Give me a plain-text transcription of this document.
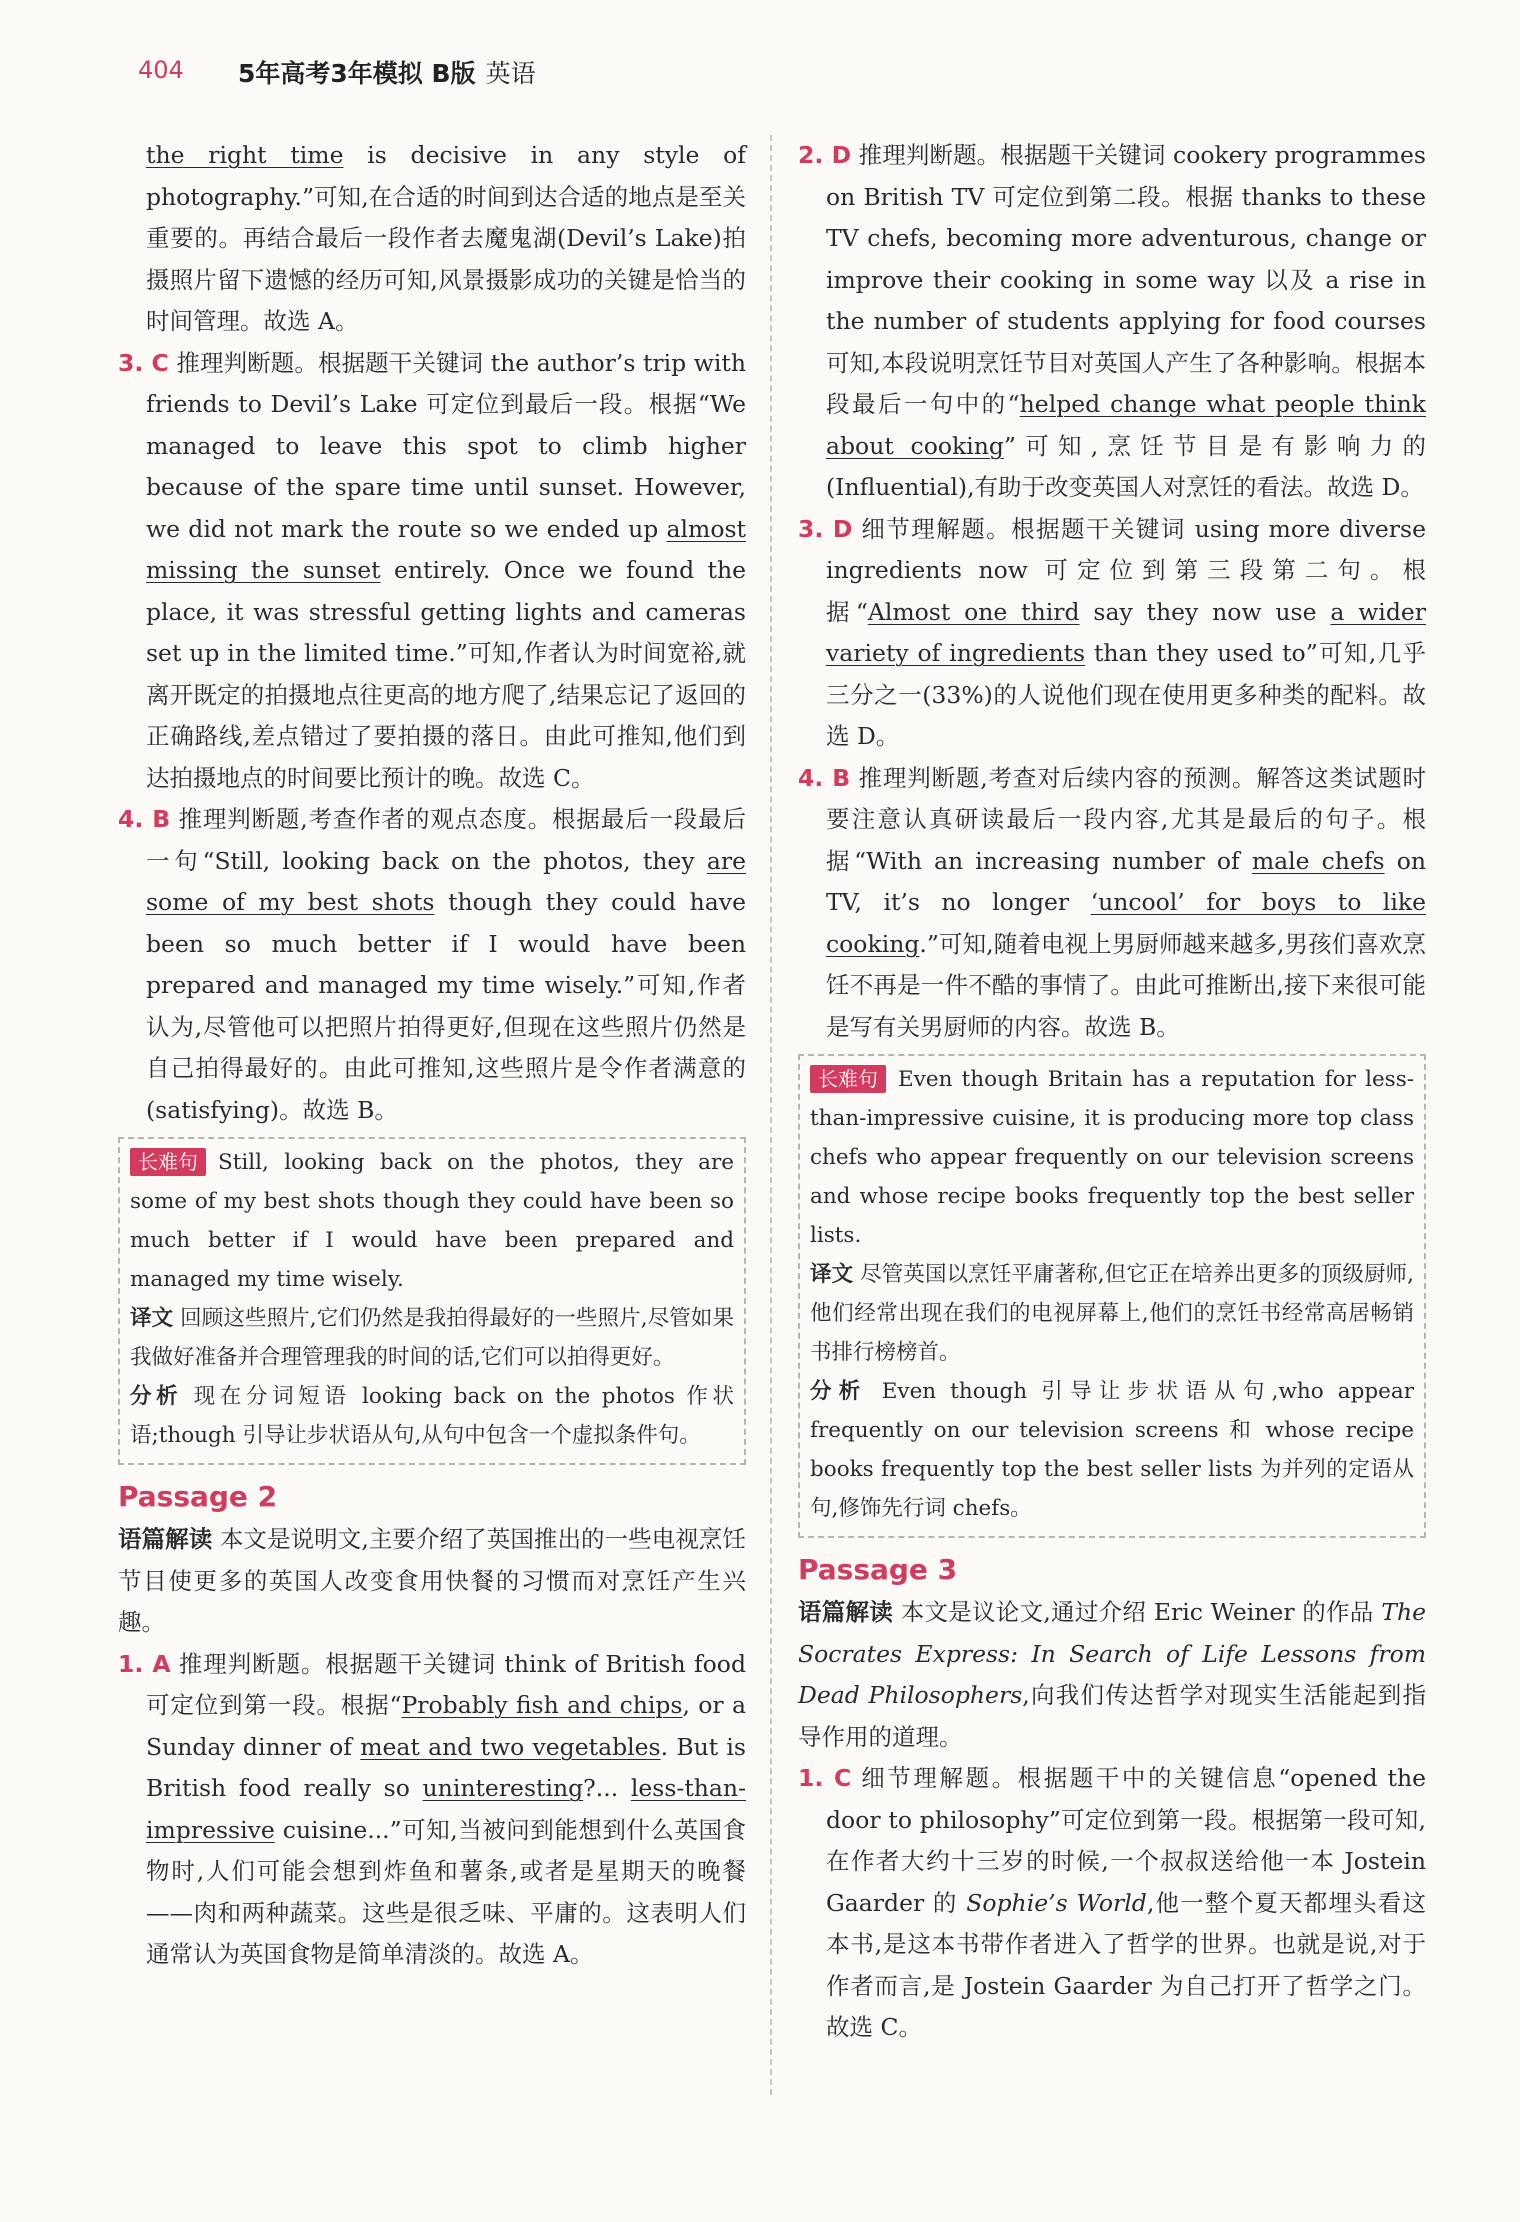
404 5年高考3年模拟 B版 英语

the right time is decisive in any style of photography.”可知,在合适的时间到达合适的地点是至关重要的。再结合最后一段作者去魔鬼湖(Devil’s Lake)拍摄照片留下遗憾的经历可知,风景摄影成功的关键是恰当的时间管理。故选 A。

3. C 推理判断题。根据题干关键词 the author’s trip with friends to Devil’s Lake 可定位到最后一段。根据“We managed to leave this spot to climb higher because of the spare time until sunset. However, we did not mark the route so we ended up almost missing the sunset entirely. Once we found the place, it was stressful getting lights and cameras set up in the limited time.”可知,作者认为时间宽裕,就离开既定的拍摄地点往更高的地方爬了,结果忘记了返回的正确路线,差点错过了要拍摄的落日。由此可推知,他们到达拍摄地点的时间要比预计的晚。故选 C。

4. B 推理判断题,考查作者的观点态度。根据最后一段最后一句“Still, looking back on the photos, they are some of my best shots though they could have been so much better if I would have been prepared and managed my time wisely.”可知,作者认为,尽管他可以把照片拍得更好,但现在这些照片仍然是自己拍得最好的。由此可推知,这些照片是令作者满意的(satisfying)。故选 B。

长难句 Still, looking back on the photos, they are some of my best shots though they could have been so much better if I would have been prepared and managed my time wisely.

译文 回顾这些照片,它们仍然是我拍得最好的一些照片,尽管如果我做好准备并合理管理我的时间的话,它们可以拍得更好。

分析 现在分词短语 looking back on the photos 作状语;though 引导让步状语从句,从句中包含一个虚拟条件句。

Passage 2

语篇解读 本文是说明文,主要介绍了英国推出的一些电视烹饪节目使更多的英国人改变食用快餐的习惯而对烹饪产生兴趣。

1. A 推理判断题。根据题干关键词 think of British food 可定位到第一段。根据“Probably fish and chips, or a Sunday dinner of meat and two vegetables. But is British food really so uninteresting?... less-than-impressive cuisine...”可知,当被问到能想到什么英国食物时,人们可能会想到炸鱼和薯条,或者是星期天的晚餐——肉和两种蔬菜。这些是很乏味、平庸的。这表明人们通常认为英国食物是简单清淡的。故选 A。

2. D 推理判断题。根据题干关键词 cookery programmes on British TV 可定位到第二段。根据 thanks to these TV chefs, becoming more adventurous, change or improve their cooking in some way 以及 a rise in the number of students applying for food courses 可知,本段说明烹饪节目对英国人产生了各种影响。根据本段最后一句中的“helped change what people think about cooking”可知,烹饪节目是有影响力的(Influential),有助于改变英国人对烹饪的看法。故选 D。

3. D 细节理解题。根据题干关键词 using more diverse ingredients now 可定位到第三段第二句。根据“Almost one third say they now use a wider variety of ingredients than they used to”可知,几乎三分之一(33%)的人说他们现在使用更多种类的配料。故选 D。

4. B 推理判断题,考查对后续内容的预测。解答这类试题时要注意认真研读最后一段内容,尤其是最后的句子。根据“With an increasing number of male chefs on TV, it’s no longer ‘uncool’ for boys to like cooking.”可知,随着电视上男厨师越来越多,男孩们喜欢烹饪不再是一件不酷的事情了。由此可推断出,接下来很可能是写有关男厨师的内容。故选 B。

长难句 Even though Britain has a reputation for less-than-impressive cuisine, it is producing more top class chefs who appear frequently on our television screens and whose recipe books frequently top the best seller lists.

译文 尽管英国以烹饪平庸著称,但它正在培养出更多的顶级厨师,他们经常出现在我们的电视屏幕上,他们的烹饪书经常高居畅销书排行榜榜首。

分析 Even though 引导让步状语从句,who appear frequently on our television screens 和 whose recipe books frequently top the best seller lists 为并列的定语从句,修饰先行词 chefs。

Passage 3

语篇解读 本文是议论文,通过介绍 Eric Weiner 的作品 The Socrates Express: In Search of Life Lessons from Dead Philosophers,向我们传达哲学对现实生活能起到指导作用的道理。

1. C 细节理解题。根据题干中的关键信息“opened the door to philosophy”可定位到第一段。根据第一段可知,在作者大约十三岁的时候,一个叔叔送给他一本 Jostein Gaarder 的 Sophie’s World,他一整个夏天都埋头看这本书,是这本书带作者进入了哲学的世界。也就是说,对于作者而言,是 Jostein Gaarder 为自己打开了哲学之门。故选 C。
